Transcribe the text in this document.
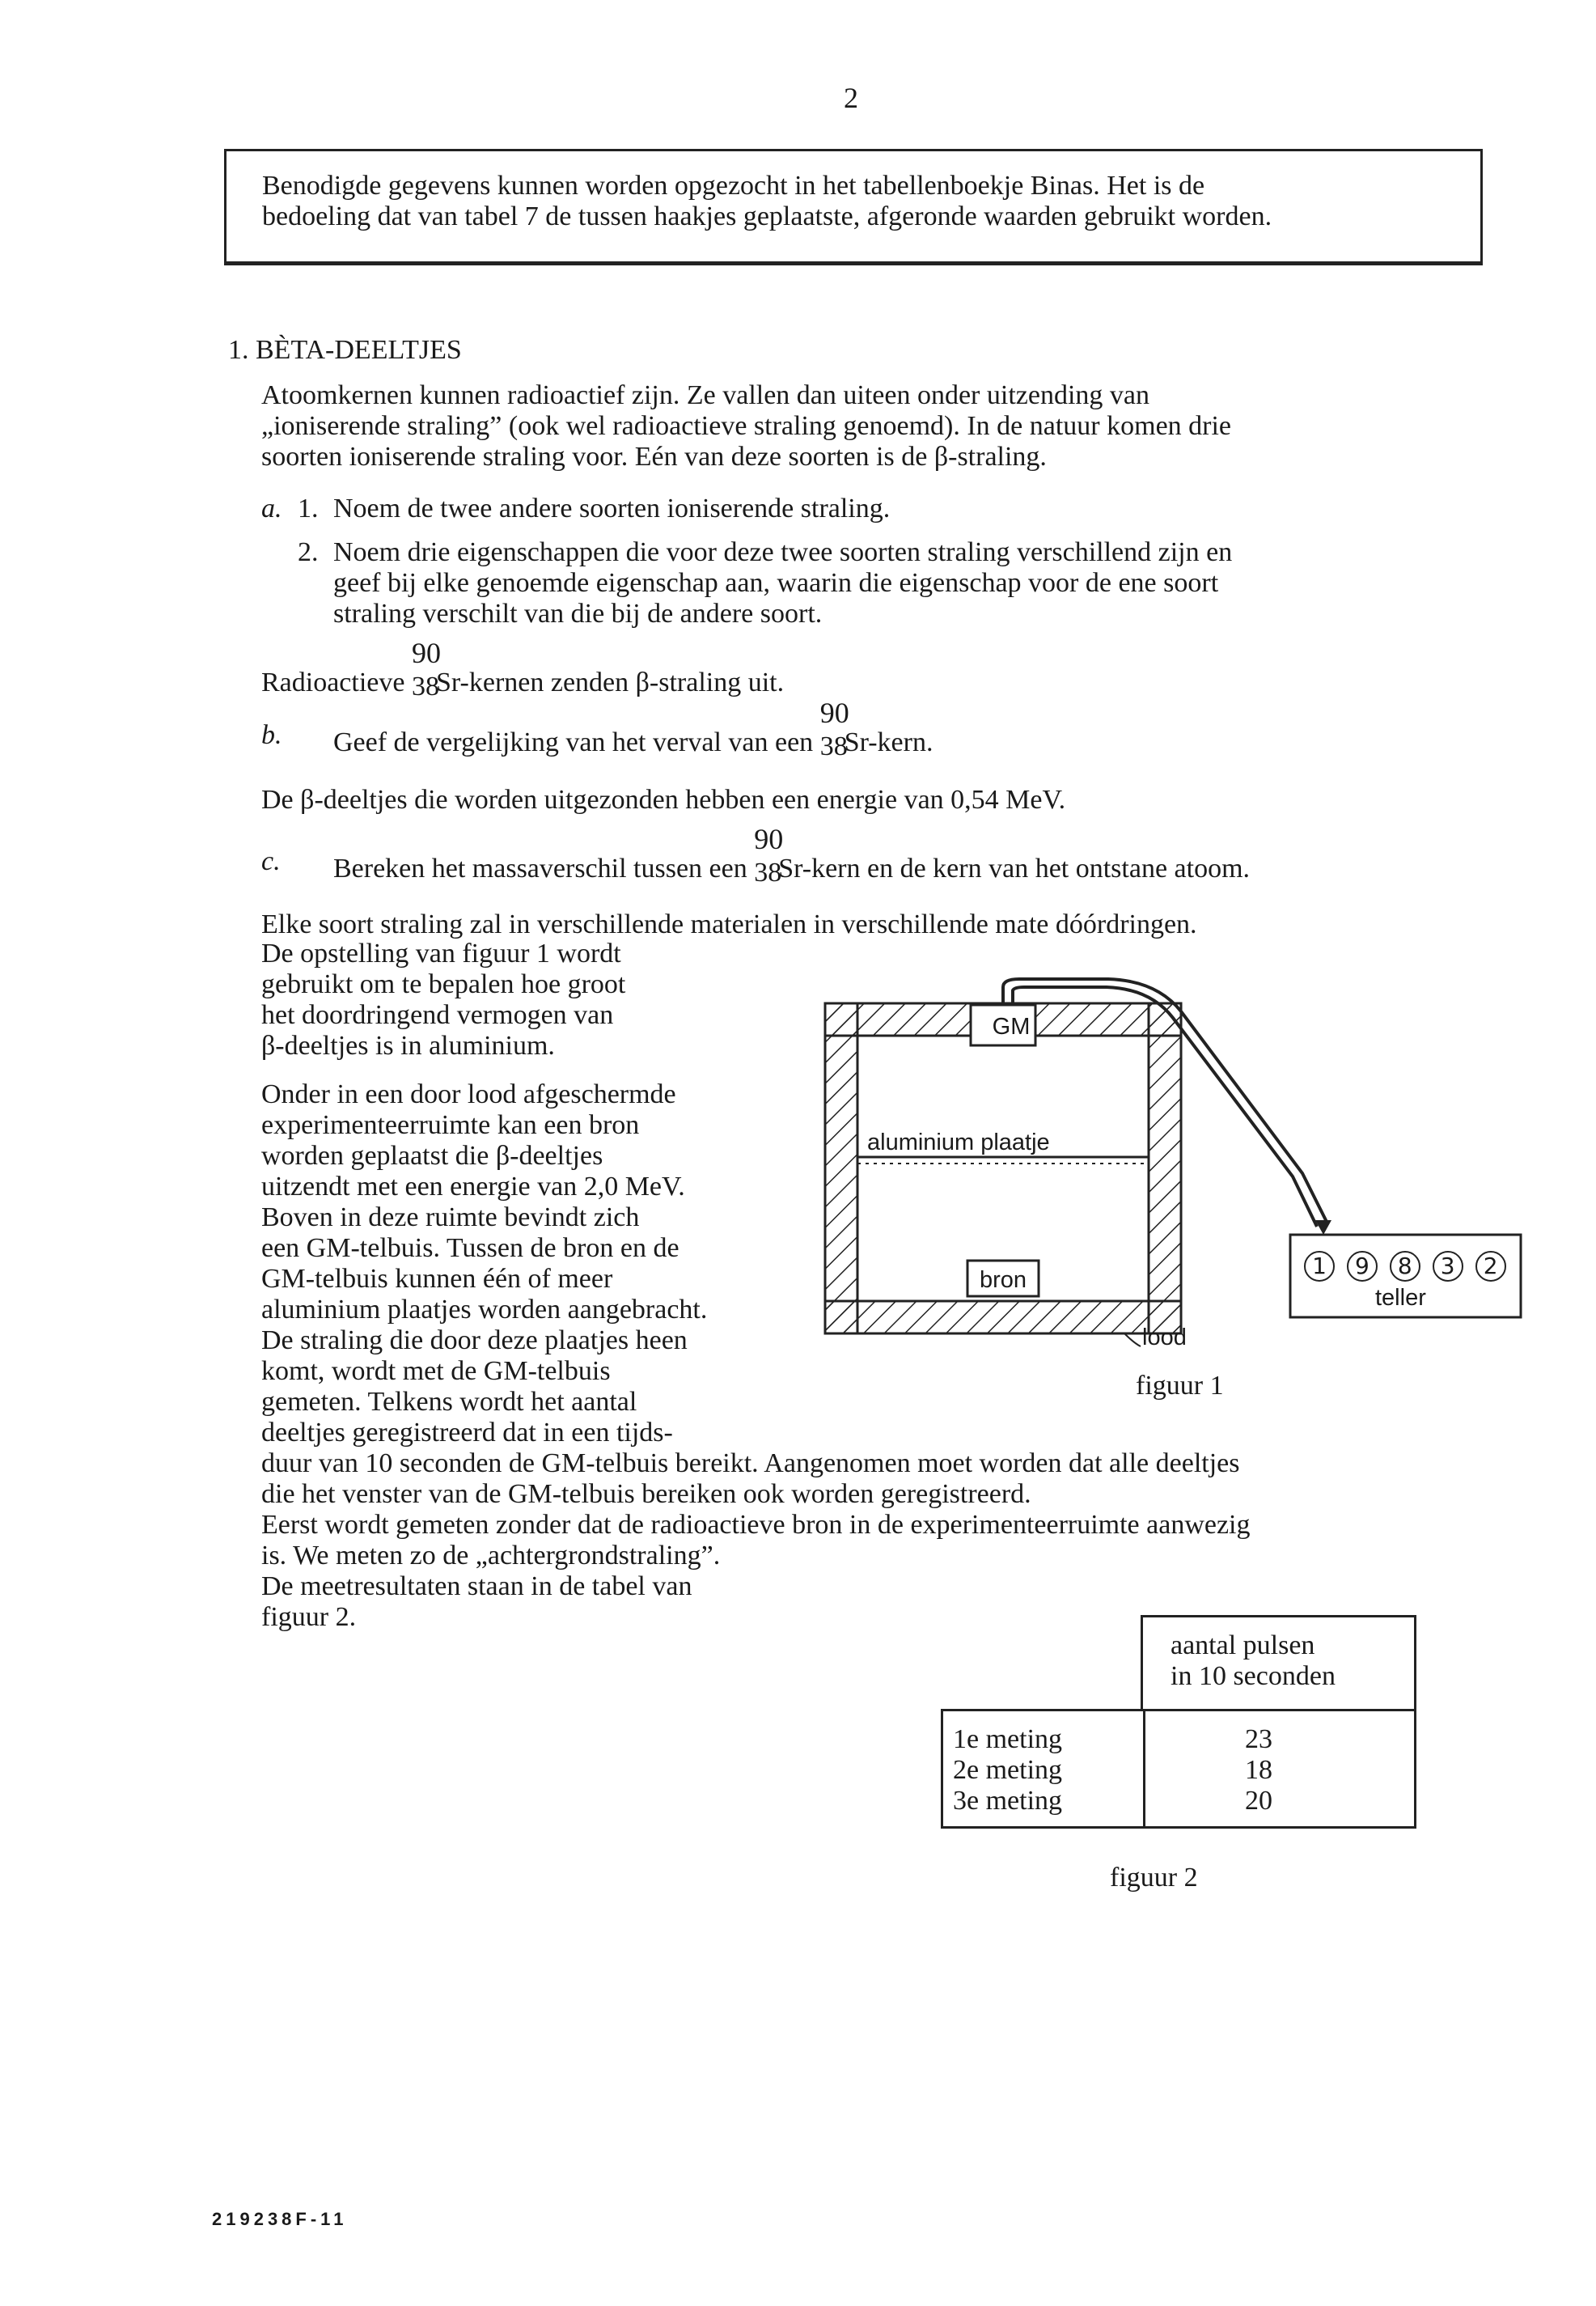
2
Benodigde gegevens kunnen worden opgezocht in het tabellenboekje Binas. Het is de
bedoeling dat van tabel 7 de tussen haakjes geplaatste, afgeronde waarden gebruikt worden.
1. BÈTA-DEELTJES
Atoomkernen kunnen radioactief zijn. Ze vallen dan uiteen onder uitzending van
„ioniserende straling” (ook wel radioactieve straling genoemd). In de natuur komen drie
soorten ioniserende straling voor. Eén van deze soorten is de β-straling.
a. 1. Noem de twee andere soorten ioniserende straling.
2. Noem drie eigenschappen die voor deze twee soorten straling verschillend zijn en
geef bij elke genoemde eigenschap aan, waarin die eigenschap voor de ene soort
straling verschilt van die bij de andere soort.
Radioactieve
90
38
Sr-kernen zenden β-straling uit.
b. Geef de vergelijking van het verval van een
90
38
Sr-kern.
De β-deeltjes die worden uitgezonden hebben een energie van 0,54 MeV.
c. Bereken het massaverschil tussen een
90
38
Sr-kern en de kern van het ontstane atoom.
Elke soort straling zal in verschillende materialen in verschillende mate dóórdringen.
De opstelling van figuur 1 wordt
gebruikt om te bepalen hoe groot
het doordringend vermogen van
β-deeltjes is in aluminium.
Onder in een door lood afgeschermde
experimenteerruimte kan een bron
worden geplaatst die β-deeltjes
uitzendt met een energie van 2,0 MeV.
Boven in deze ruimte bevindt zich
een GM-telbuis. Tussen de bron en de
GM-telbuis kunnen één of meer
aluminium plaatjes worden aangebracht.
De straling die door deze plaatjes heen
komt, wordt met de GM-telbuis
gemeten. Telkens wordt het aantal
deeltjes geregistreerd dat in een tijds-
duur van 10 seconden de GM-telbuis bereikt. Aangenomen moet worden dat alle deeltjes
die het venster van de GM-telbuis bereiken ook worden geregistreerd.
Eerst wordt gemeten zonder dat de radioactieve bron in de experimenteerruimte aanwezig
is. We meten zo de „achtergrondstraling”.
De meetresultaten staan in de tabel van
figuur 2.
GM
aluminium plaatje
bron
lood
1 9 8 3 2
teller
figuur 1
aantal pulsen
in 10 seconden
1e meting
2e meting
3e meting
23
18
20
figuur 2
219238F-11
